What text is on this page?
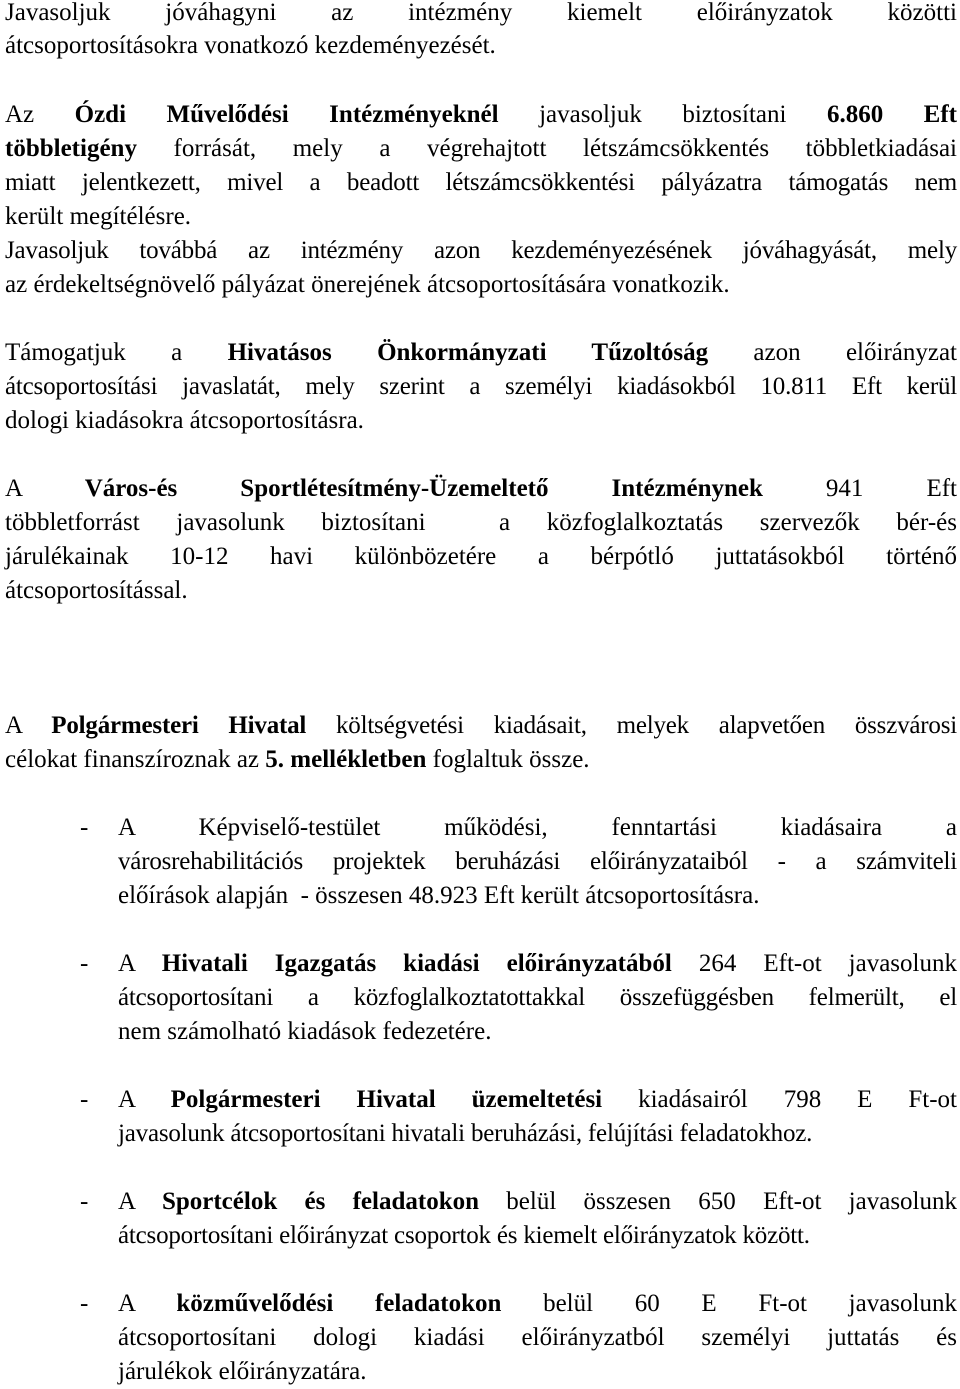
Javasoljuk jóváhagyni az intézmény kiemelt előirányzatok közötti
átcsoportosításokra vonatkozó kezdeményezését.
Az Ózdi Művelődési Intézményeknél javasoljuk biztosítani 6.860 Eft
többletigény forrását, mely a végrehajtott létszámcsökkentés többletkiadásai
miatt jelentkezett, mivel a beadott létszámcsökkentési pályázatra támogatás nem
került megítélésre.
Javasoljuk továbbá az intézmény azon kezdeményezésének jóváhagyását, mely
az érdekeltségnövelő pályázat önerejének átcsoportosítására vonatkozik.
Támogatjuk a Hivatásos Önkormányzati Tűzoltóság azon előirányzat
átcsoportosítási javaslatát, mely szerint a személyi kiadásokból 10.811 Eft kerül
dologi kiadásokra átcsoportosításra.
A Város-és Sportlétesítmény-Üzemeltető Intézménynek 941 Eft
többletforrást javasolunk biztosítani  a közfoglalkoztatás szervezők bér-és
járulékainak 10-12 havi különbözetére a bérpótló juttatásokból történő
átcsoportosítással.
A Polgármesteri Hivatal költségvetési kiadásait, melyek alapvetően összvárosi
célokat finanszíroznak az 5. mellékletben foglaltuk össze.
- A Képviselő-testület működési, fenntartási kiadásaira a
városrehabilitációs projektek beruházási előirányzataiból - a számviteli
előírások alapján  - összesen 48.923 Eft került átcsoportosításra.
- A Hivatali Igazgatás kiadási előirányzatából 264 Eft-ot javasolunk
átcsoportosítani a közfoglalkoztatottakkal összefüggésben felmerült, el
nem számolható kiadások fedezetére.
- A Polgármesteri Hivatal üzemeltetési kiadásairól 798 E Ft-ot
javasolunk átcsoportosítani hivatali beruházási, felújítási feladatokhoz.
- A Sportcélok és feladatokon belül összesen 650 Eft-ot javasolunk
átcsoportosítani előirányzat csoportok és kiemelt előirányzatok között.
- A közművelődési feladatokon belül 60 E Ft-ot javasolunk
átcsoportosítani dologi kiadási előirányzatból személyi juttatás és
járulékok előirányzatára.
